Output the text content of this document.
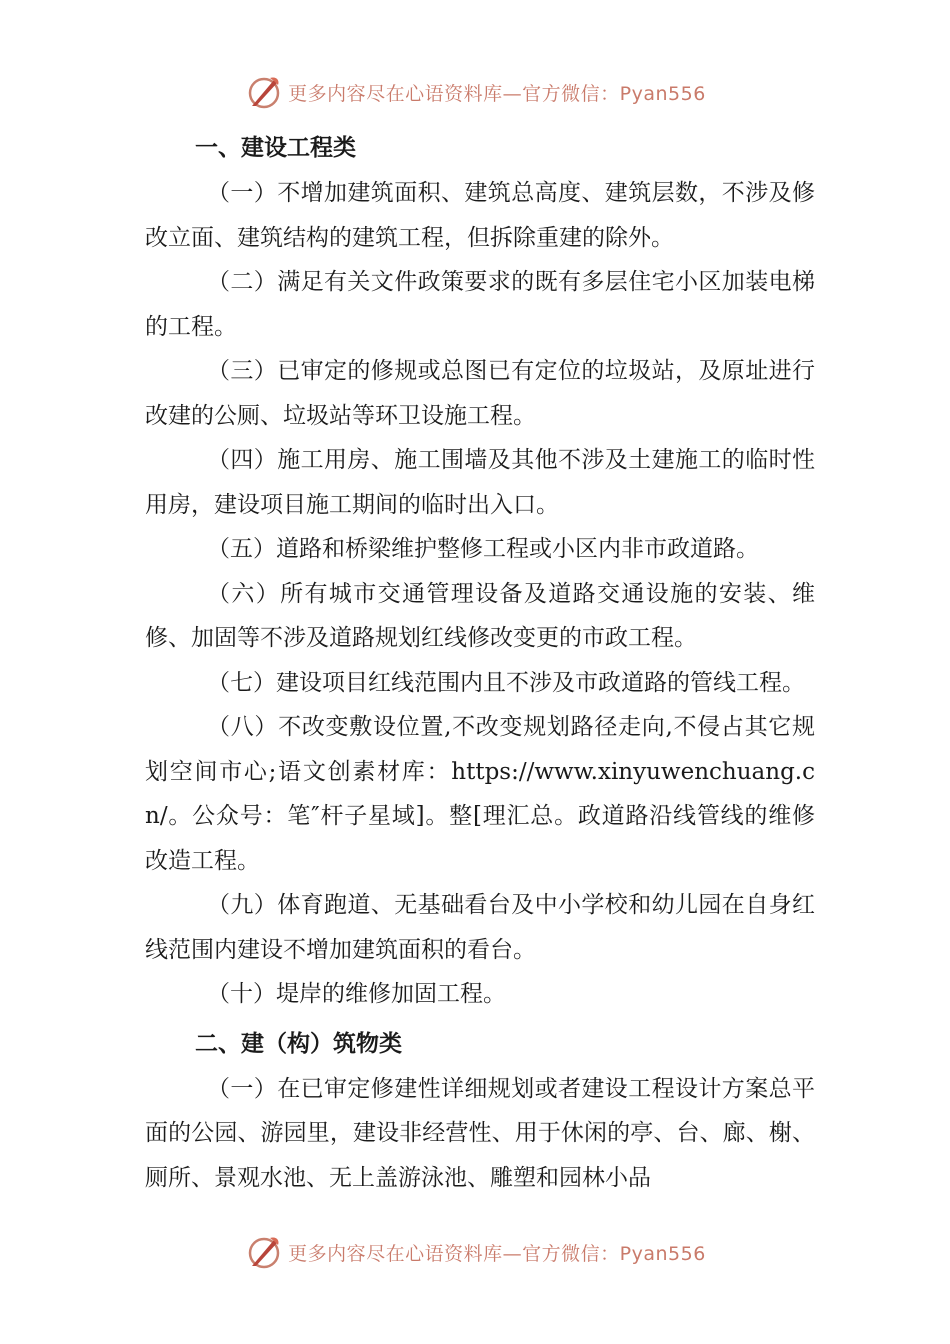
更多内容尽在心语资料库—官方微信：Pyan556
一、建设工程类

（一）不增加建筑面积、建筑总高度、建筑层数，不涉及修改立面、建筑结构的建筑工程，但拆除重建的除外。

（二）满足有关文件政策要求的既有多层住宅小区加装电梯的工程。

（三）已审定的修规或总图已有定位的垃圾站，及原址进行改建的公厕、垃圾站等环卫设施工程。

（四）施工用房、施工围墙及其他不涉及土建施工的临时性用房，建设项目施工期间的临时出入口。

（五）道路和桥梁维护整修工程或小区内非市政道路。

（六）所有城市交通管理设备及道路交通设施的安装、维修、加固等不涉及道路规划红线修改变更的市政工程。

（七）建设项目红线范围内且不涉及市政道路的管线工程。

（八）不改变敷设位置,不改变规划路径走向,不侵占其它规划空间市心;语文创素材库：https://www.xinyuwenchuang.cn/。公众号：笔″杆子星域]。整[理汇总。政道路沿线管线的维修改造工程。

（九）体育跑道、无基础看台及中小学校和幼儿园在自身红线范围内建设不增加建筑面积的看台。

（十）堤岸的维修加固工程。

二、建（构）筑物类

（一）在已审定修建性详细规划或者建设工程设计方案总平面的公园、游园里，建设非经营性、用于休闲的亭、台、廊、榭、厕所、景观水池、无上盖游泳池、雕塑和园林小品

更多内容尽在心语资料库—官方微信：Pyan556
